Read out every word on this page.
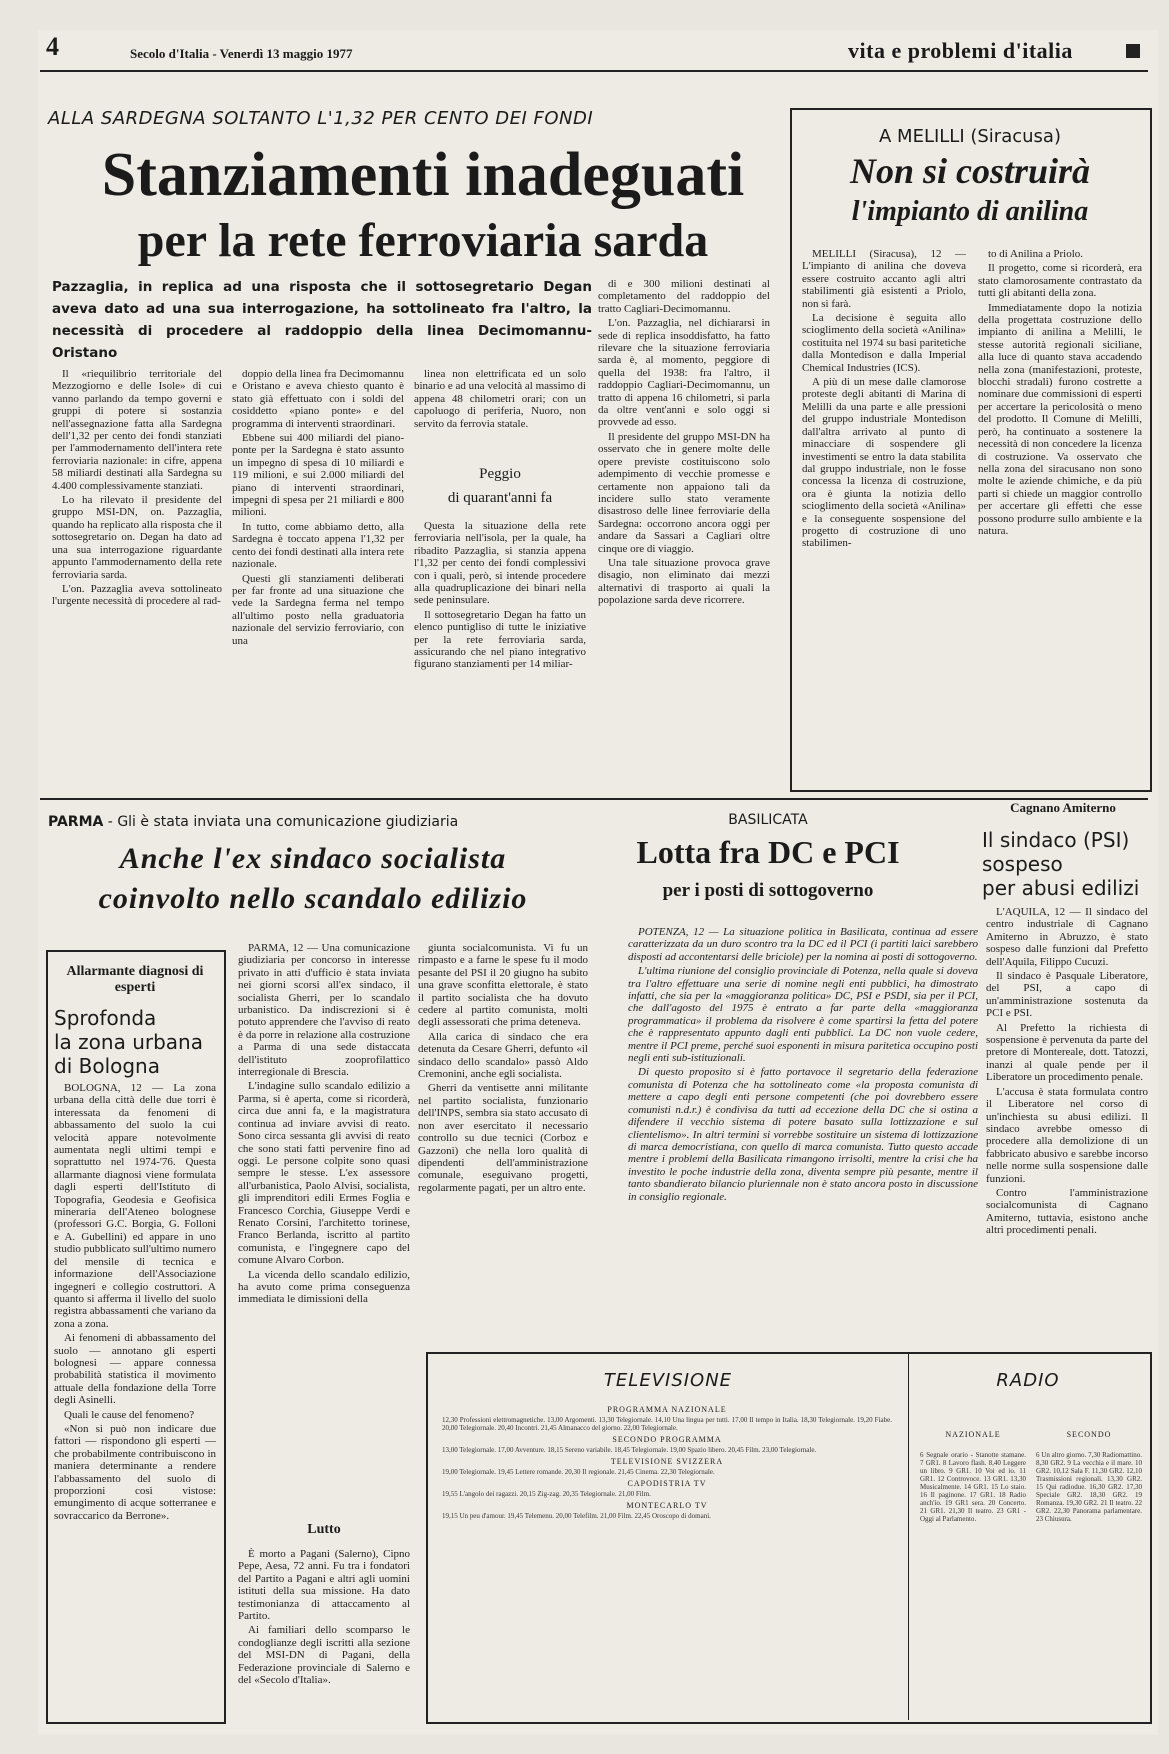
4	Secolo d'Italia - Venerdì 13 maggio 1977	vita e problemi d'italia
ALLA SARDEGNA SOLTANTO L'1,32 PER CENTO DEI FONDI
Stanziamenti inadeguati
per la rete ferroviaria sarda
Pazzaglia, in replica ad una risposta che il sottosegretario Degan aveva dato ad una sua interrogazione, ha sottolineato fra l'altro, la necessità di procedere al raddoppio della linea Decimomannu-Oristano

Il «riequilibrio territoriale del Mezzogiorno e delle Isole» di cui vanno parlando da tempo governi e gruppi di potere si sostanzia nell'assegnazione fatta alla Sardegna dell'1,32 per cento dei fondi stanziati per l'ammodernamento dell'intera rete ferroviaria nazionale: in cifre, appena 58 miliardi destinati alla Sardegna su 4.400 complessivamente stanziati.

Lo ha rilevato il presidente del gruppo MSI-DN, on. Pazzaglia, quando ha replicato alla risposta che il sottosegretario on. Degan ha dato ad una sua interrogazione riguardante appunto l'ammodernamento della rete ferroviaria sarda.

L'on. Pazzaglia aveva sottolineato l'urgente necessità di procedere al rad-

doppio della linea fra Decimomannu e Oristano e aveva chiesto quanto è stato già effettuato con i soldi del cosiddetto «piano ponte» e del programma di interventi straordinari.

Ebbene sui 400 miliardi del piano-ponte per la Sardegna è stato assunto un impegno di spesa di 10 miliardi e 119 milioni, e sui 2.000 miliardi del piano di interventi straordinari, impegni di spesa per 21 miliardi e 800 milioni.

In tutto, come abbiamo detto, alla Sardegna è toccato appena l'1,32 per cento dei fondi destinati alla intera rete nazionale.

Questi gli stanziamenti deliberati per far fronte ad una situazione che vede la Sardegna ferma nel tempo all'ultimo posto nella graduatoria nazionale del servizio ferroviario, con una

linea non elettrificata ed un solo binario e ad una velocità al massimo di appena 48 chilometri orari; con un capoluogo di periferia, Nuoro, non servito da ferrovia statale.

Peggio
di quarant'anni fa

Questa la situazione della rete ferroviaria nell'isola, per la quale, ha ribadito Pazzaglia, si stanzia appena l'1,32 per cento dei fondi complessivi con i quali, però, si intende procedere alla quadruplicazione dei binari nella sede peninsulare.

Il sottosegretario Degan ha fatto un elenco puntigliso di tutte le iniziative per la rete ferroviaria sarda, assicurando che nel piano integrativo figurano stanziamenti per 14 miliar-

di e 300 milioni destinati al completamento del raddoppio del tratto Cagliari-Decimomannu.

L'on. Pazzaglia, nel dichiararsi in sede di replica insoddisfatto, ha fatto rilevare che la situazione ferroviaria sarda è, al momento, peggiore di quella del 1938: fra l'altro, il raddoppio Cagliari-Decimomannu, un tratto di appena 16 chilometri, si parla da oltre vent'anni e solo oggi si provvede ad esso.

Il presidente del gruppo MSI-DN ha osservato che in genere molte delle opere previste costituiscono solo adempimento di vecchie promesse e certamente non appaiono tali da incidere sullo stato veramente disastroso delle linee ferroviarie della Sardegna: occorrono ancora oggi per andare da Sassari a Cagliari oltre cinque ore di viaggio.

Una tale situazione provoca grave disagio, non eliminato dai mezzi alternativi di trasporto ai quali la popolazione sarda deve ricorrere.

A MELILLI (Siracusa)
Non si costruirà
l'impianto di anilina

MELILLI (Siracusa), 12 — L'impianto di anilina che doveva essere costruito accanto agli altri stabilimenti già esistenti a Priolo, non si farà.

La decisione è seguita allo scioglimento della società «Anilina» costituita nel 1974 su basi paritetiche dalla Montedison e dalla Imperial Chemical Industries (ICS).

A più di un mese dalle clamorose proteste degli abitanti di Marina di Melilli da una parte e alle pressioni del gruppo industriale Montedison dall'altra arrivato al punto di minacciare di sospendere gli investimenti se entro la data stabilita dal gruppo industriale, non le fosse concessa la licenza di costruzione, ora è giunta la notizia dello scioglimento della società «Anilina» e la conseguente sospensione del progetto di costruzione di uno stabilimen-

to di Anilina a Priolo.

Il progetto, come si ricorderà, era stato clamorosamente contrastato da tutti gli abitanti della zona.

Immediatamente dopo la notizia della progettata costruzione dello impianto di anilina a Melilli, le stesse autorità regionali siciliane, alla luce di quanto stava accadendo nella zona (manifestazioni, proteste, blocchi stradali) furono costrette a nominare due commissioni di esperti per accertare la pericolosità o meno del prodotto. Il Comune di Melilli, però, ha continuato a sostenere la necessità di non concedere la licenza di costruzione. Va osservato che nella zona del siracusano non sono molte le aziende chimiche, e da più parti si chiede un maggior controllo per accertare gli effetti che esse possono produrre sullo ambiente e la natura.

PARMA - Gli è stata inviata una comunicazione giudiziaria
Anche l'ex sindaco socialista
coinvolto nello scandalo edilizio

PARMA, 12 — Una comunicazione giudiziaria per concorso in interesse privato in atti d'ufficio è stata inviata nei giorni scorsi all'ex sindaco, il socialista Gherri, per lo scandalo urbanistico. Da indiscrezioni si è potuto apprendere che l'avviso di reato è da porre in relazione alla costruzione a Parma di una sede distaccata dell'istituto zooprofilattico interregionale di Brescia.

L'indagine sullo scandalo edilizio a Parma, si è aperta, come si ricorderà, circa due anni fa, e la magistratura continua ad inviare avvisi di reato. Sono circa sessanta gli avvisi di reato che sono stati fatti pervenire fino ad oggi. Le persone colpite sono quasi sempre le stesse. L'ex assessore all'urbanistica, Paolo Alvisi, socialista, gli imprenditori edili Ermes Foglia e Francesco Corchia, Giuseppe Verdi e Renato Corsini, l'architetto torinese, Franco Berlanda, iscritto al partito comunista, e l'ingegnere capo del comune Alvaro Corbon.

La vicenda dello scandalo edilizio, ha avuto come prima conseguenza immediata le dimissioni della

giunta socialcomunista. Vi fu un rimpasto e a farne le spese fu il modo pesante del PSI il 20 giugno ha subito una grave sconfitta elettorale, è stato il partito socialista che ha dovuto cedere al partito comunista, molti degli assessorati che prima deteneva.

Alla carica di sindaco che era detenuta da Cesare Gherri, defunto «il sindaco dello scandalo» passò Aldo Cremonini, anche egli socialista.

Gherri da ventisette anni militante nel partito socialista, funzionario dell'INPS, sembra sia stato accusato di non aver esercitato il necessario controllo su due tecnici (Corboz e Gazzoni) che nella loro qualità di dipendenti dell'amministrazione comunale, eseguivano progetti, regolarmente pagati, per un altro ente.

Allarmante diagnosi di esperti
Sprofonda
la zona urbana
di Bologna

BOLOGNA, 12 — La zona urbana della città delle due torri è interessata da fenomeni di abbassamento del suolo la cui velocità appare notevolmente aumentata negli ultimi tempi e soprattutto nel 1974-'76. Questa allarmante diagnosi viene formulata dagli esperti dell'Istituto di Topografia, Geodesia e Geofisica mineraria dell'Ateneo bolognese (professori G.C. Borgia, G. Folloni e A. Gubellini) ed appare in uno studio pubblicato sull'ultimo numero del mensile di tecnica e informazione dell'Associazione ingegneri e collegio costruttori. A quanto si afferma il livello del suolo registra abbassamenti che variano da zona a zona.

Ai fenomeni di abbassamento del suolo — annotano gli esperti bolognesi — appare connessa probabilità statistica il movimento attuale della fondazione della Torre degli Asinelli.

Quali le cause del fenomeno?

«Non si può non indicare due fattori — rispondono gli esperti — che probabilmente contribuiscono in maniera determinante a rendere l'abbassamento del suolo di proporzioni così vistose: emungimento di acque sotterranee e sovraccarico da Berrone».

Lutto

È morto a Pagani (Salerno), Cipno Pepe, Aesa, 72 anni. Fu tra i fondatori del Partito a Pagani e altri agli uomini istituti della sua missione. Ha dato testimonianza di attaccamento al Partito.

Ai familiari dello scomparso le condoglianze degli iscritti alla sezione del MSI-DN di Pagani, della Federazione provinciale di Salerno e del «Secolo d'Italia».

BASILICATA
Lotta fra DC e PCI
per i posti di sottogoverno

POTENZA, 12 — La situazione politica in Basilicata, continua ad essere caratterizzata da un duro scontro tra la DC ed il PCI (i partiti laici sarebbero disposti ad accontentarsi delle briciole) per la nomina ai posti di sottogoverno.

L'ultima riunione del consiglio provinciale di Potenza, nella quale si doveva tra l'altro effettuare una serie di nomine negli enti pubblici, ha dimostrato infatti, che sia per la «maggioranza politica» DC, PSI e PSDI, sia per il PCI, che dall'agosto del 1975 è entrato a far parte della «maggioranza programmatica» il problema da risolvere è come spartirsi la fetta del potere che è rappresentato appunto dagli enti pubblici. La DC non vuole cedere, mentre il PCI preme, perché suoi esponenti in misura paritetica occupino posti negli enti sub-istituzionali.

Di questo proposito si è fatto portavoce il segretario della federazione comunista di Potenza che ha sottolineato come «la proposta comunista di mettere a capo degli enti persone competenti (che poi dovrebbero essere comunisti n.d.r.) è condivisa da tutti ad eccezione della DC che si ostina a difendere il vecchio sistema di potere basato sulla lottizzazione e sul clientelismo». In altri termini si vorrebbe sostituire un sistema di lottizzazione di marca democristiana, con quello di marca comunista. Tutto questo accade mentre i problemi della Basilicata rimangono irrisolti, mentre la crisi che ha investito le poche industrie della zona, diventa sempre più pesante, mentre il tanto sbandierato bilancio pluriennale non è stato ancora posto in discussione in consiglio regionale.

Cagnano Amiterno
Il sindaco (PSI)
sospeso
per abusi edilizi

L'AQUILA, 12 — Il sindaco del centro industriale di Cagnano Amiterno in Abruzzo, è stato sospeso dalle funzioni dal Prefetto dell'Aquila, Filippo Cucuzi.

Il sindaco è Pasquale Liberatore, del PSI, a capo di un'amministrazione sostenuta da PCI e PSI.

Al Prefetto la richiesta di sospensione è pervenuta da parte del pretore di Montereale, dott. Tatozzi, inanzi al quale pende per il Liberatore un procedimento penale.

L'accusa è stata formulata contro il Liberatore nel corso di un'inchiesta su abusi edilizi. Il sindaco avrebbe omesso di procedere alla demolizione di un fabbricato abusivo e sarebbe incorso nelle norme sulla sospensione dalle funzioni.

Contro l'amministrazione socialcomunista di Cagnano Amiterno, tuttavia, esistono anche altri procedimenti penali.

TELEVISIONE
PROGRAMMA NAZIONALE
12,30 Professioni elettromagnetiche. 13,00 Argomenti. 13,30 Telegiornale. 14,10 Una lingua per tutti. 17,00 Il tempo in Italia. 18,30 Telegiornale. 19,20 Fiabe. 20,00 Telegiornale. 20,40 Incontri. 21,45 Almanacco del giorno. 22,00 Telegiornale.
SECONDO PROGRAMMA
13,00 Telegiornale. 17,00 Avventure. 18,15 Sereno variabile. 18,45 Telegiornale. 19,00 Spazio libero. 20,45 Film. 23,00 Telegiornale.
TELEVISIONE SVIZZERA
19,00 Telegiornale. 19,45 Lettere romande. 20,30 Il regionale. 21,45 Cinema. 22,30 Telegiornale.
CAPODISTRIA TV
19,55 L'angolo dei ragazzi. 20,15 Zig-zag. 20,35 Telegiornale. 21,00 Film.
MONTECARLO TV
19,15 Un peu d'amour. 19,45 Telemenu. 20,00 Telefilm. 21,00 Film. 22,45 Oroscopo di domani.
RADIO
NAZIONALE
6 Segnale orario - Stanotte stamane. 7 GR1. 8 Lavoro flash. 8,40 Leggere un libro. 9 GR1. 10 Voi ed io. 11 GR1. 12 Controvoce. 13 GR1. 13,30 Musicalmente. 14 GR1. 15 Lo staio. 16 Il paginone. 17 GR1. 18 Radio anch'io. 19 GR1 sera. 20 Concerto. 21 GR1. 21,30 Il teatro. 23 GR1 - Oggi al Parlamento.
SECONDO
6 Un altro giorno. 7,30 Radiomattino. 8,30 GR2. 9 La vecchia e il mare. 10 GR2. 10,12 Sala F. 11,30 GR2. 12,10 Trasmissioni regionali. 13,30 GR2. 15 Qui radiodue. 16,30 GR2. 17,30 Speciale GR2. 18,30 GR2. 19 Romanza. 19,30 GR2. 21 Il teatro. 22 GR2. 22,30 Panorama parlamentare. 23 Chiusura.
